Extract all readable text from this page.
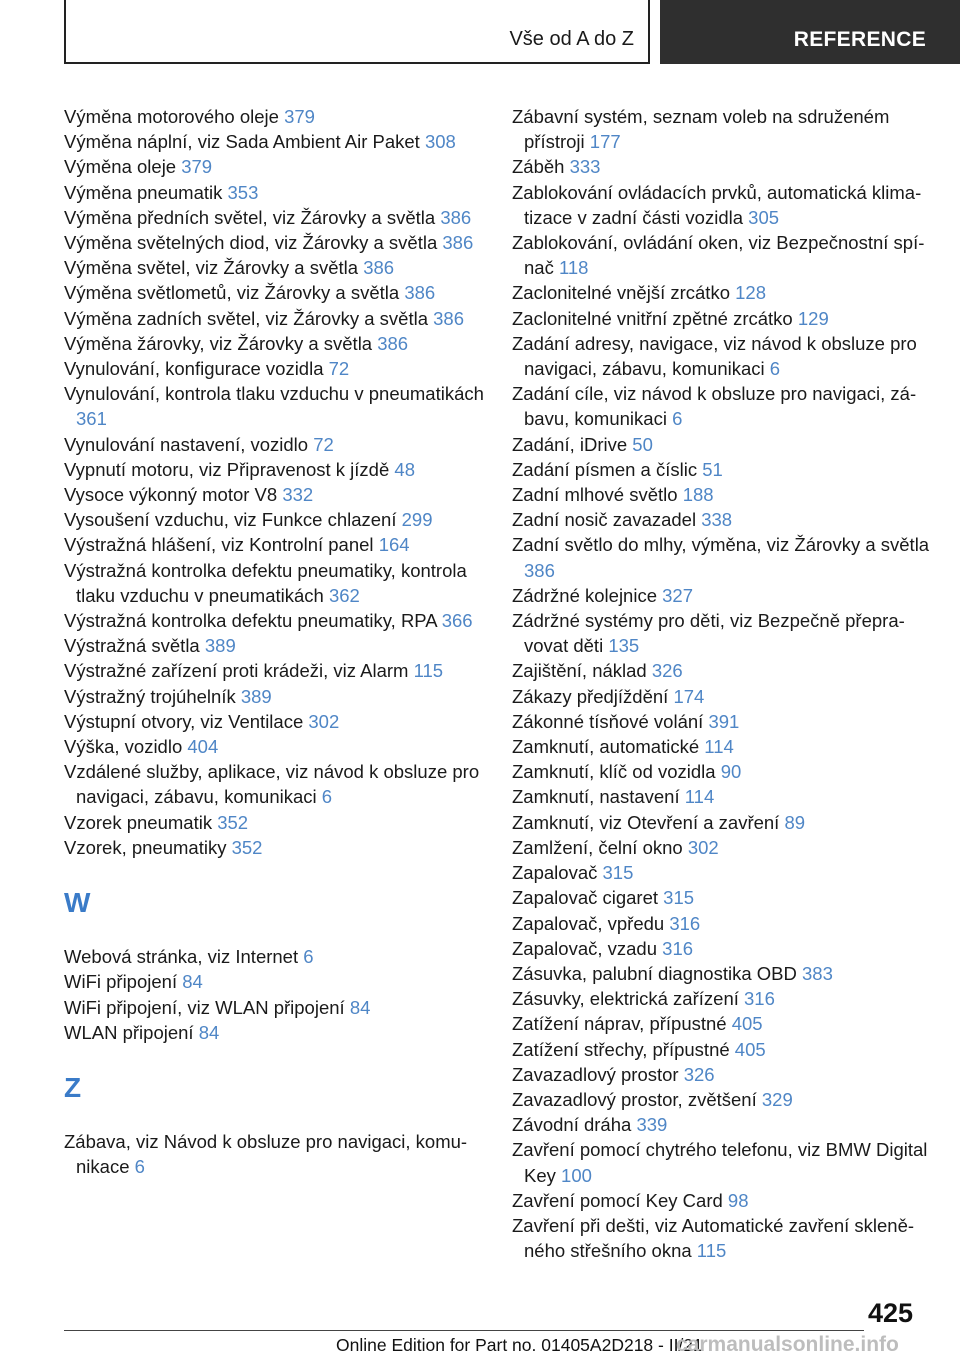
Vše od A do Z	REFERENCE

Výměna motorového oleje 379

Výměna náplní, viz Sada Ambient Air Paket 308

Výměna oleje 379

Výměna pneumatik 353

Výměna předních světel, viz Žárovky a světla 386

Výměna světelných diod, viz Žárovky a světla 386

Výměna světel, viz Žárovky a světla 386

Výměna světlometů, viz Žárovky a světla 386

Výměna zadních světel, viz Žárovky a světla 386

Výměna žárovky, viz Žárovky a světla 386

Vynulování, konfigurace vozidla 72

Vynulování, kontrola tlaku vzduchu v pneumatikách 361

Vynulování nastavení, vozidlo 72

Vypnutí motoru, viz Připravenost k jízdě 48

Vysoce výkonný motor V8 332

Vysoušení vzduchu, viz Funkce chlazení 299

Výstražná hlášení, viz Kontrolní panel 164

Výstražná kontrolka defektu pneumatiky, kontrola tlaku vzduchu v pneumatikách 362

Výstražná kontrolka defektu pneumatiky, RPA 366

Výstražná světla 389

Výstražné zařízení proti krádeži, viz Alarm 115

Výstražný trojúhelník 389

Výstupní otvory, viz Ventilace 302

Výška, vozidlo 404

Vzdálené služby, aplikace, viz návod k obsluze pro navigaci, zábavu, komunikaci 6

Vzorek pneumatik 352

Vzorek, pneumatiky 352

W

Webová stránka, viz Internet 6

WiFi připojení 84

WiFi připojení, viz WLAN připojení 84

WLAN připojení 84

Z

Zábava, viz Návod k obsluze pro navigaci, komunikace 6

Zábavní systém, seznam voleb na sdruženém přístroji 177

Záběh 333

Zablokování ovládacích prvků, automatická klimatizace v zadní části vozidla 305

Zablokování, ovládání oken, viz Bezpečnostní spínač 118

Zaclonitelné vnější zrcátko 128

Zaclonitelné vnitřní zpětné zrcátko 129

Zadání adresy, navigace, viz návod k obsluze pro navigaci, zábavu, komunikaci 6

Zadání cíle, viz návod k obsluze pro navigaci, zábavu, komunikaci 6

Zadání, iDrive 50

Zadání písmen a číslic 51

Zadní mlhové světlo 188

Zadní nosič zavazadel 338

Zadní světlo do mlhy, výměna, viz Žárovky a světla 386

Zádržné kolejnice 327

Zádržné systémy pro děti, viz Bezpečně přepravovat děti 135

Zajištění, náklad 326

Zákazy předjíždění 174

Zákonné tísňové volání 391

Zamknutí, automatické 114

Zamknutí, klíč od vozidla 90

Zamknutí, nastavení 114

Zamknutí, viz Otevření a zavření 89

Zamlžení, čelní okno 302

Zapalovač 315

Zapalovač cigaret 315

Zapalovač, vpředu 316

Zapalovač, vzadu 316

Zásuvka, palubní diagnostika OBD 383

Zásuvky, elektrická zařízení 316

Zatížení náprav, přípustné 405

Zatížení střechy, přípustné 405

Zavazadlový prostor 326

Zavazadlový prostor, zvětšení 329

Závodní dráha 339

Zavření pomocí chytrého telefonu, viz BMW Digital Key 100

Zavření pomocí Key Card 98

Zavření při dešti, viz Automatické zavření skleněného střešního okna 115

425
Online Edition for Part no. 01405A2D218 - II/21
carmanualsonline.info
